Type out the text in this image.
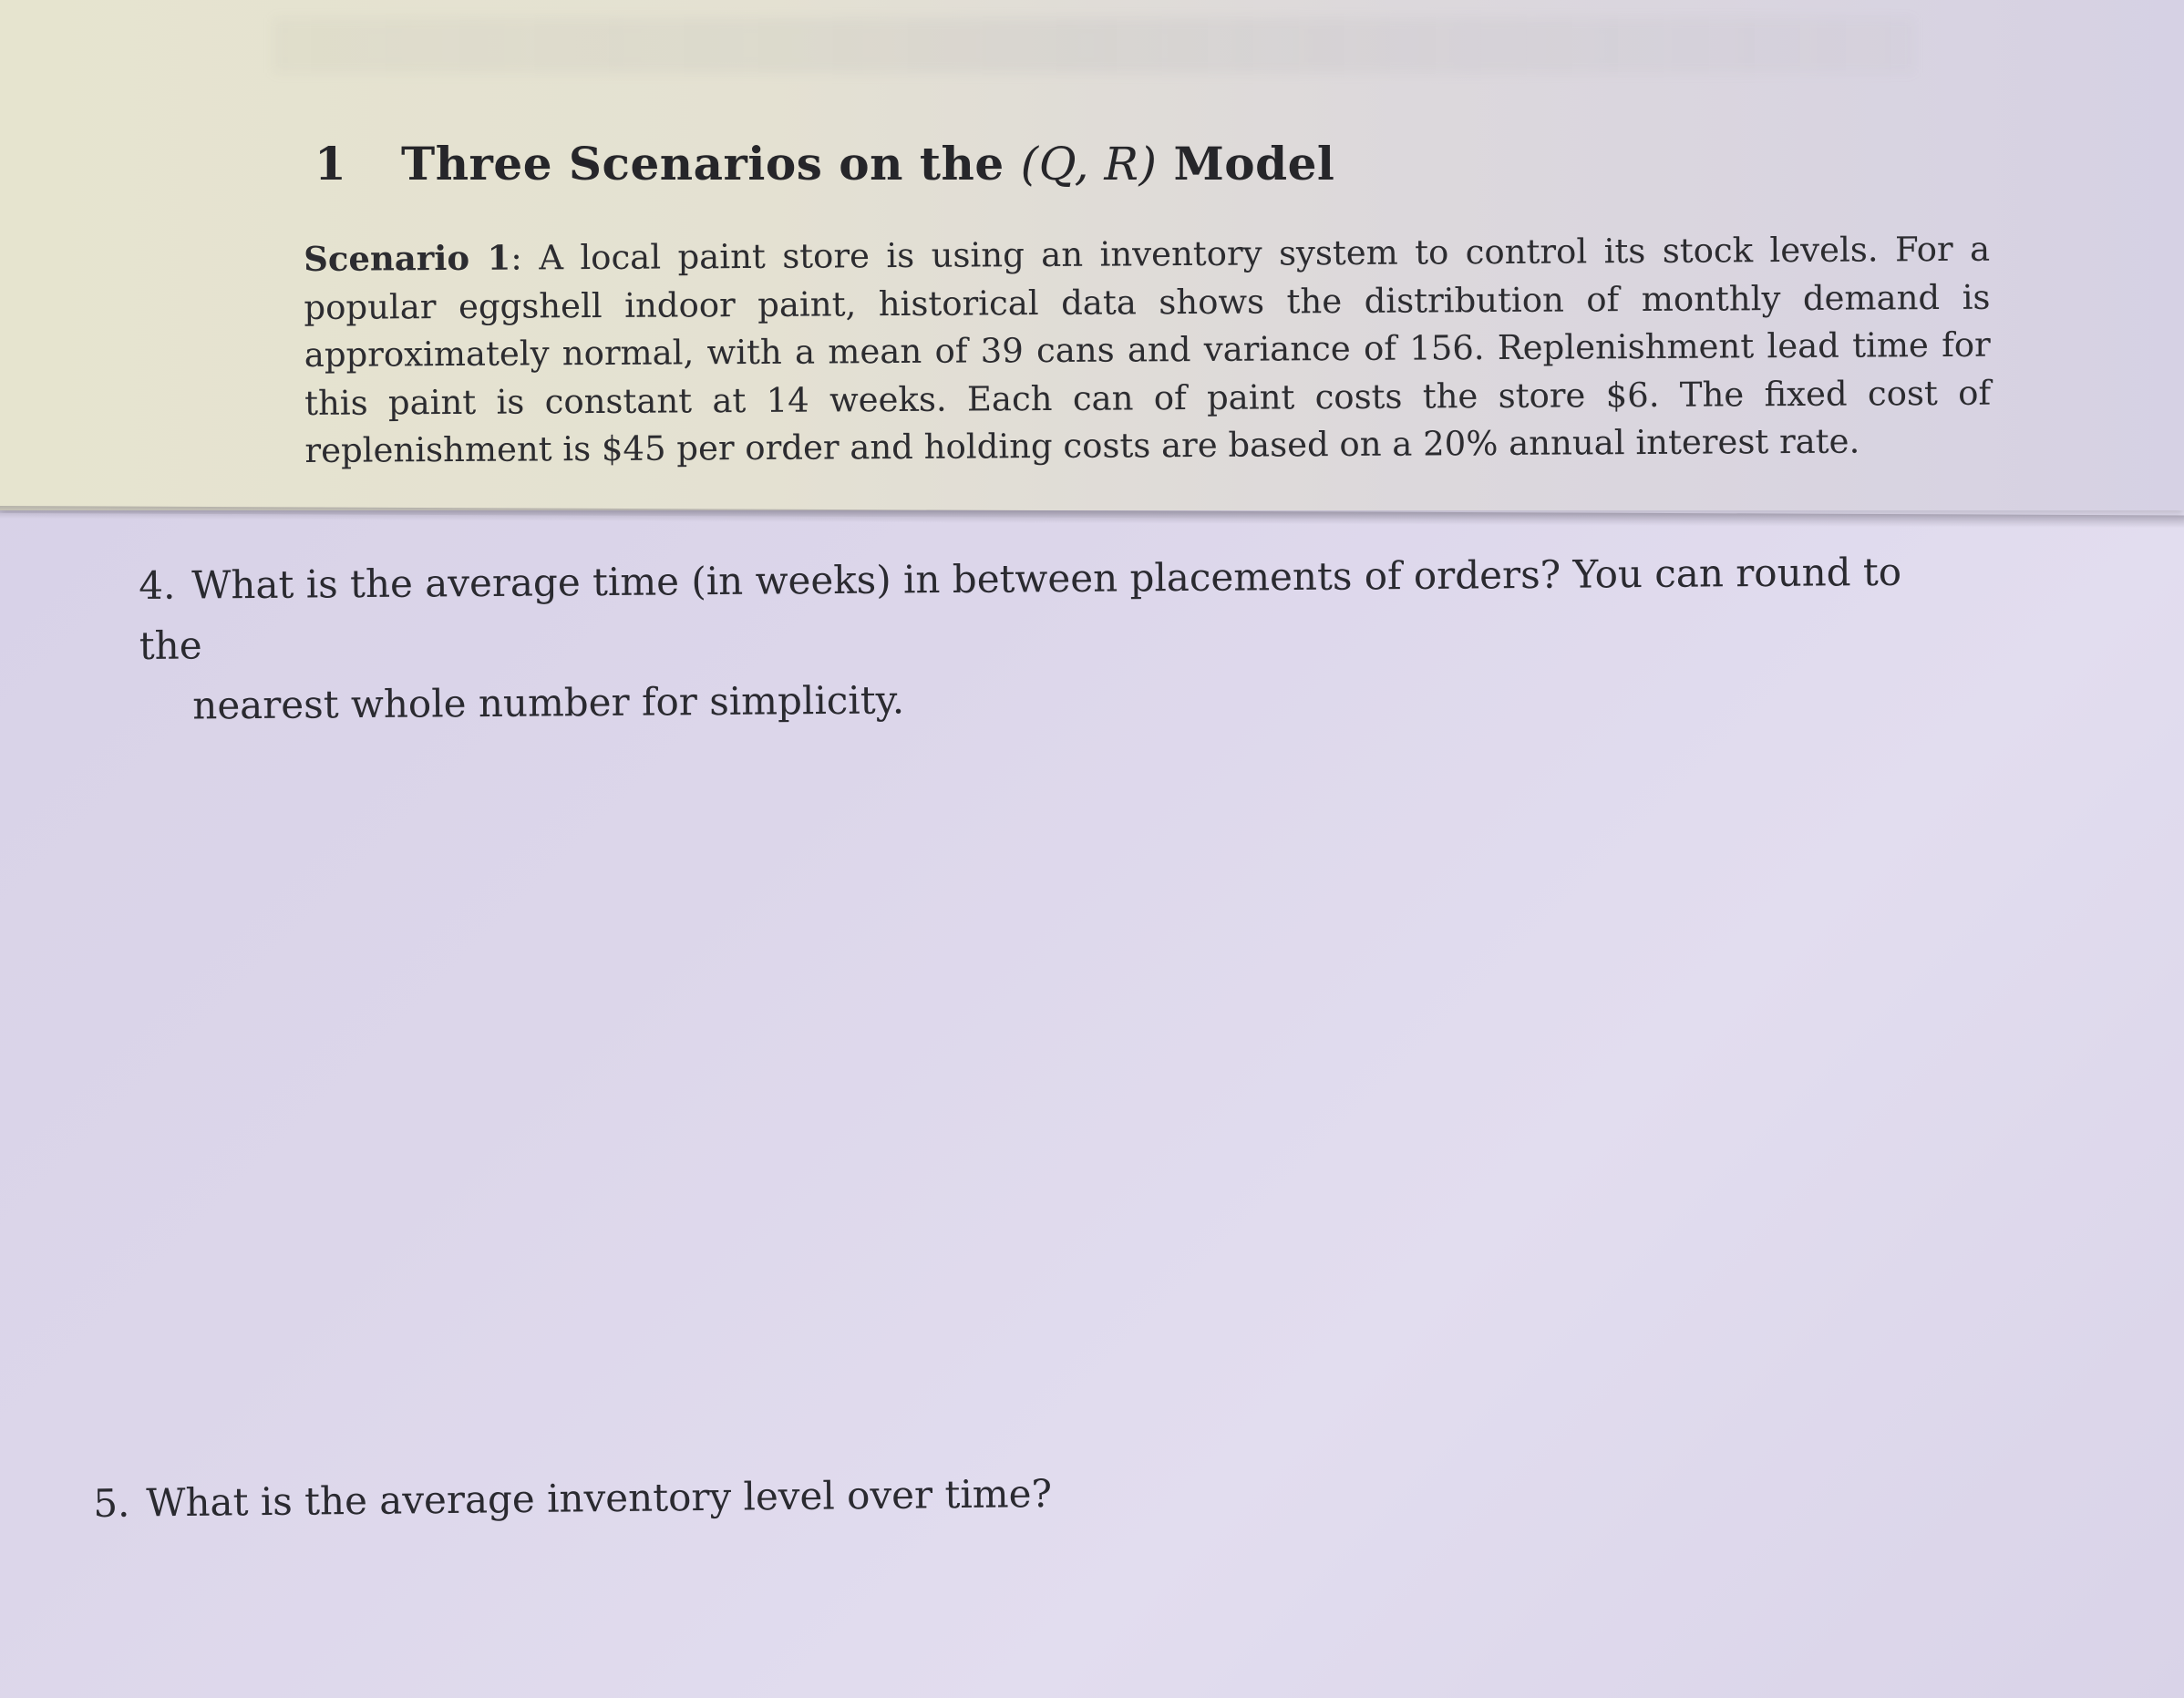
1 Three Scenarios on the (Q, R) Model
Scenario 1: A local paint store is using an inventory system to control its stock levels. For a popular eggshell indoor paint, historical data shows the distribution of monthly demand is approximately normal, with a mean of 39 cans and variance of 156. Replenishment lead time for this paint is constant at 14 weeks. Each can of paint costs the store $6. The fixed cost of replenishment is $45 per order and holding costs are based on a 20% annual interest rate.
4. What is the average time (in weeks) in between placements of orders? You can round to the
nearest whole number for simplicity.
5. What is the average inventory level over time?
